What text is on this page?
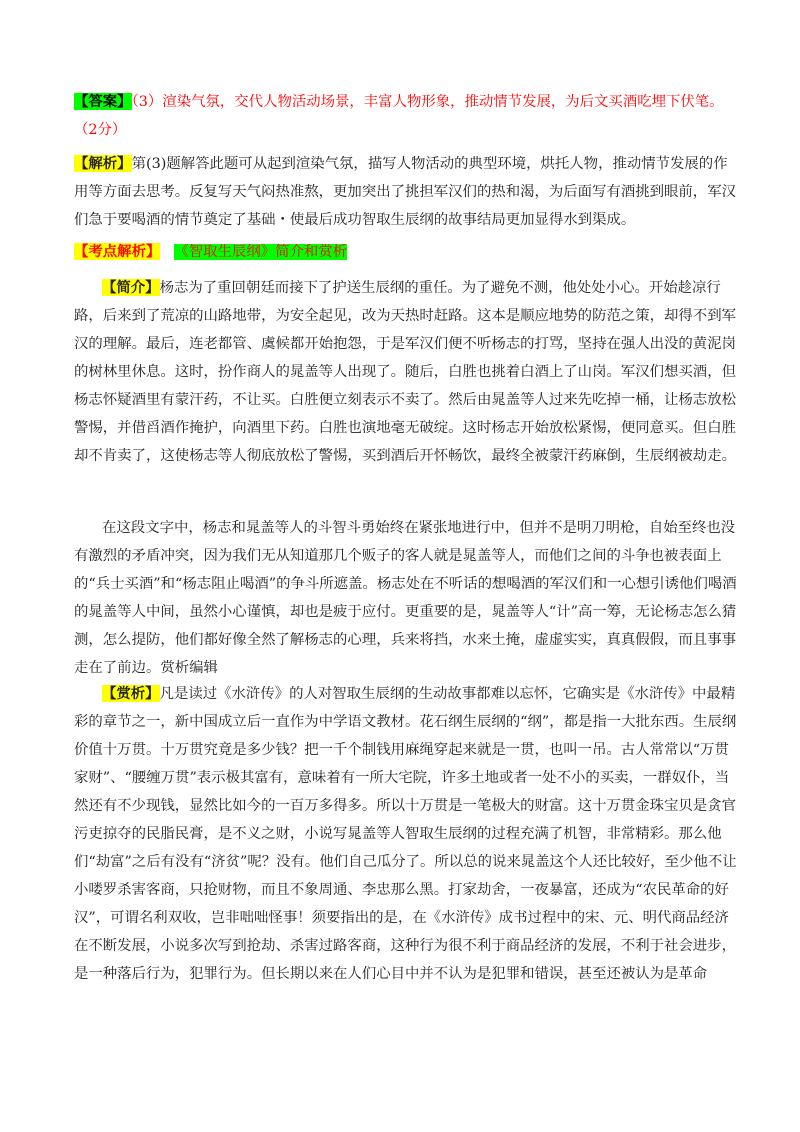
【答案】（3）渲染气氛，交代人物活动场景，丰富人物形象，推动情节发展，为后文买酒吃埋下伏笔。（2分）
【解析】第(3)题解答此题可从起到渲染气氛，描写人物活动的典型环境，烘托人物，推动情节发展的作用等方面去思考。反复写天气闷热准熬，更加突出了挑担军汉们的热和渴，为后面写有酒挑到眼前，军汉们急于要喝酒的情节奠定了基础・使最后成功智取生辰纲的故事结局更加显得水到渠成。
【考点解析】 《智取生辰纲》简介和赏析
【简介】杨志为了重回朝廷而接下了护送生辰纲的重任。为了避免不测，他处处小心。开始趁凉行路，后来到了荒凉的山路地带，为安全起见，改为天热时赶路。这本是顺应地势的防范之策，却得不到军汉的理解。最后，连老都管、虞候都开始抱怨，于是军汉们便不听杨志的打骂，坚持在强人出没的黄泥岗的树林里休息。这时，扮作商人的晁盖等人出现了。随后，白胜也挑着白酒上了山岗。军汉们想买酒，但杨志怀疑酒里有蒙汗药，不让买。白胜便立刻表示不卖了。然后由晁盖等人过来先吃掉一桶，让杨志放松警惕，并借舀酒作掩护，向酒里下药。白胜也演地毫无破绽。这时杨志开始放松紧惕，便同意买。但白胜却不肯卖了，这使杨志等人彻底放松了警惕，买到酒后开怀畅饮，最终全被蒙汗药麻倒，生辰纲被劫走。
在这段文字中，杨志和晁盖等人的斗智斗勇始终在紧张地进行中，但并不是明刀明枪，自始至终也没有激烈的矛盾冲突，因为我们无从知道那几个贩子的客人就是晁盖等人，而他们之间的斗争也被表面上的“兵士买酒”和“杨志阻止喝酒”的争斗所遮盖。杨志处在不听话的想喝酒的军汉们和一心想引诱他们喝酒的晁盖等人中间，虽然小心谨慎，却也是疲于应付。更重要的是，晁盖等人“计”高一筹，无论杨志怎么猜测，怎么提防，他们都好像全然了解杨志的心理，兵来将挡，水来土掩，虚虚实实，真真假假，而且事事走在了前边。赏析编辑
【赏析】凡是读过《水浒传》的人对智取生辰纲的生动故事都难以忘怀，它确实是《水浒传》中最精彩的章节之一，新中国成立后一直作为中学语文教材。花石纲生辰纲的“纲”，都是指一大批东西。生辰纲价值十万贯。十万贯究竟是多少钱？把一千个制钱用麻绳穿起来就是一贯，也叫一吊。古人常常以“万贯家财”、“腰缠万贯”表示极其富有，意味着有一所大宅院，许多土地或者一处不小的买卖，一群奴仆，当然还有不少现钱，显然比如今的一百万多得多。所以十万贯是一笔极大的财富。这十万贯金珠宝贝是贪官污吏掠夺的民脂民膏，是不义之财，小说写晁盖等人智取生辰纲的过程充满了机智，非常精彩。那么他们“劫富”之后有没有“济贫”呢？没有。他们自己瓜分了。所以总的说来晁盖这个人还比较好，至少他不让小喽罗杀害客商，只抢财物，而且不象周通、李忠那么黑。打家劫舍，一夜暴富，还成为“农民革命的好汉”，可谓名利双收，岂非咄咄怪事！须要指出的是，在《水浒传》成书过程中的宋、元、明代商品经济在不断发展，小说多次写到抢劫、杀害过路客商，这种行为很不利于商品经济的发展，不利于社会进步，是一种落后行为，犯罪行为。但长期以来在人们心目中并不认为是犯罪和错误，甚至还被认为是革命
